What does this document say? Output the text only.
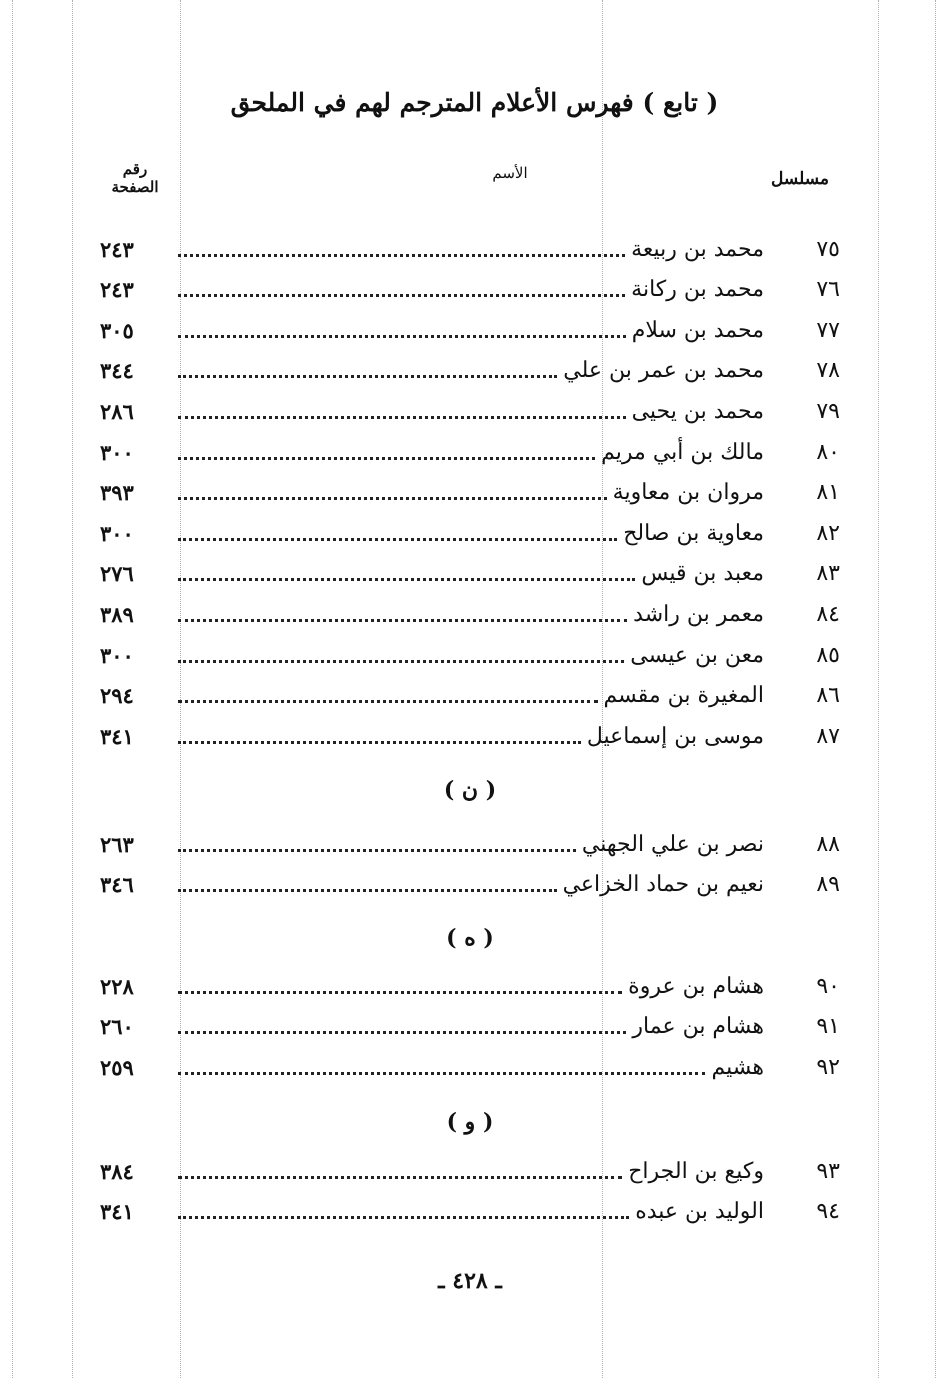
( تابع ) فهرس الأعلام المترجم لهم في الملحق
مسلسل
الأسم
رقم
الصفحة
٧٥
محمد بن ربيعة
٢٤٣
٧٦
محمد بن ركانة
٢٤٣
٧٧
محمد بن سلام
٣٠٥
٧٨
محمد بن عمر بن علي
٣٤٤
٧٩
محمد بن يحيى
٢٨٦
٨٠
مالك بن أبي مريم
٣٠٠
٨١
مروان بن معاوية
٣٩٣
٨٢
معاوية بن صالح
٣٠٠
٨٣
معبد بن قيس
٢٧٦
٨٤
معمر بن راشد
٣٨٩
٨٥
معن بن عيسى
٣٠٠
٨٦
المغيرة بن مقسم
٢٩٤
٨٧
موسى بن إسماعيل
٣٤١
( ن )
٨٨
نصر بن علي الجهني
٢٦٣
٨٩
نعيم بن حماد الخزاعي
٣٤٦
( ه )
٩٠
هشام بن عروة
٢٢٨
٩١
هشام بن عمار
٢٦٠
٩٢
هشيم
٢٥٩
( و )
٩٣
وكيع بن الجراح
٣٨٤
٩٤
الوليد بن عبده
٣٤١
ـ ٤٢٨ ـ
